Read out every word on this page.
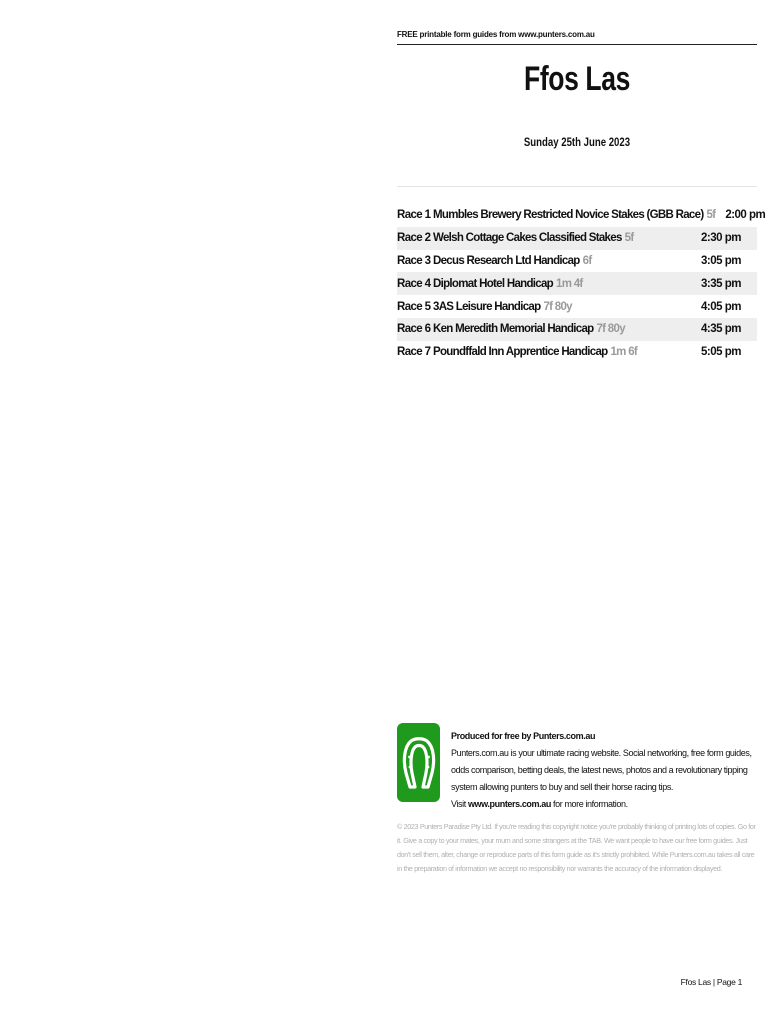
FREE printable form guides from www.punters.com.au
Ffos Las
Sunday 25th June 2023
Race 1 Mumbles Brewery Restricted Novice Stakes (GBB Race) 5f 2:00 pm
Race 2 Welsh Cottage Cakes Classified Stakes 5f	2:30 pm
Race 3 Decus Research Ltd Handicap 6f	3:05 pm
Race 4 Diplomat Hotel Handicap 1m 4f	3:35 pm
Race 5 3AS Leisure Handicap 7f 80y	4:05 pm
Race 6 Ken Meredith Memorial Handicap 7f 80y	4:35 pm
Race 7 Poundffald Inn Apprentice Handicap 1m 6f	5:05 pm
Produced for free by Punters.com.au
Punters.com.au is your ultimate racing website. Social networking, free form guides, odds comparison, betting deals, the latest news, photos and a revolutionary tipping system allowing punters to buy and sell their horse racing tips.
Visit www.punters.com.au for more information.
© 2023 Punters Paradise Pty Ltd. If you're reading this copyright notice you're probably thinking of printing lots of copies. Go for it. Give a copy to your mates, your mum and some strangers at the TAB. We want people to have our free form guides. Just don't sell them, alter, change or reproduce parts of this form guide as it's strictly prohibited. While Punters.com.au takes all care in the preparation of information we accept no responsibility nor warrants the accuracy of the information displayed.
Ffos Las | Page 1
